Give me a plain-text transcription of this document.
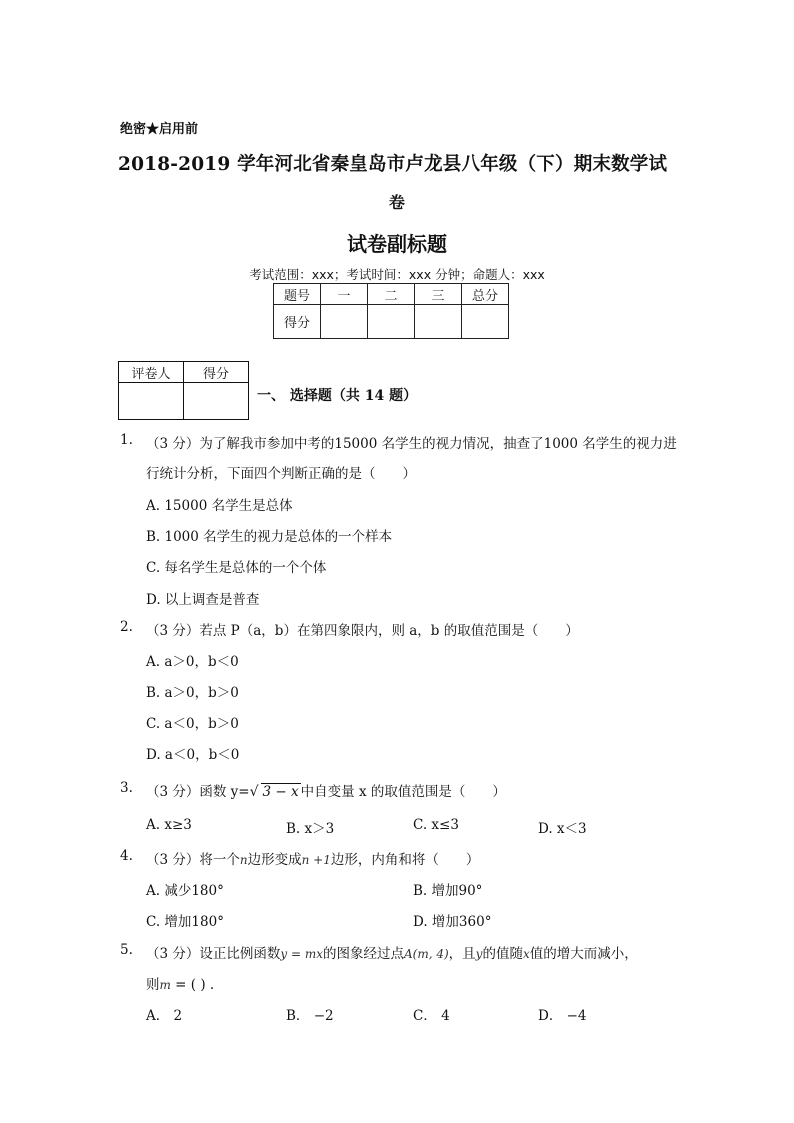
绝密★启用前
2018-2019 学年河北省秦皇岛市卢龙县八年级（下）期末数学试
卷
试卷副标题
考试范围：xxx；考试时间：xxx 分钟；命题人：xxx
题号	一	二	三	总分
得分				
评卷人	得分

一、 选择题（共 14 题）
1. （3 分）为了解我市参加中考的15000 名学生的视力情况，抽查了1000 名学生的视力进
行统计分析，下面四个判断正确的是（　　）
A. 15000 名学生是总体
B. 1000 名学生的视力是总体的一个样本
C. 每名学生是总体的一个个体
D. 以上调查是普查
2. （3 分）若点 P（a，b）在第四象限内，则 a，b 的取值范围是（　　）
A. a＞0，b＜0
B. a＞0，b＞0
C. a＜0，b＞0
D. a＜0，b＜0
3. （3 分）函数 y=√ 3 − x 中自变量 x 的取值范围是（　　）
A. x≥3	B. x＞3	C. x≤3	D. x＜3
4. （3 分）将一个n边形变成n +1边形，内角和将（　　）
A. 减少180°	B. 增加90°
C. 增加180°	D. 增加360°
5. （3 分）设正比例函数y = mx的图象经过点A(m, 4)，且y的值随x值的增大而减小，
则m = ( ) .
A． 2	B． −2	C． 4	D． −4
